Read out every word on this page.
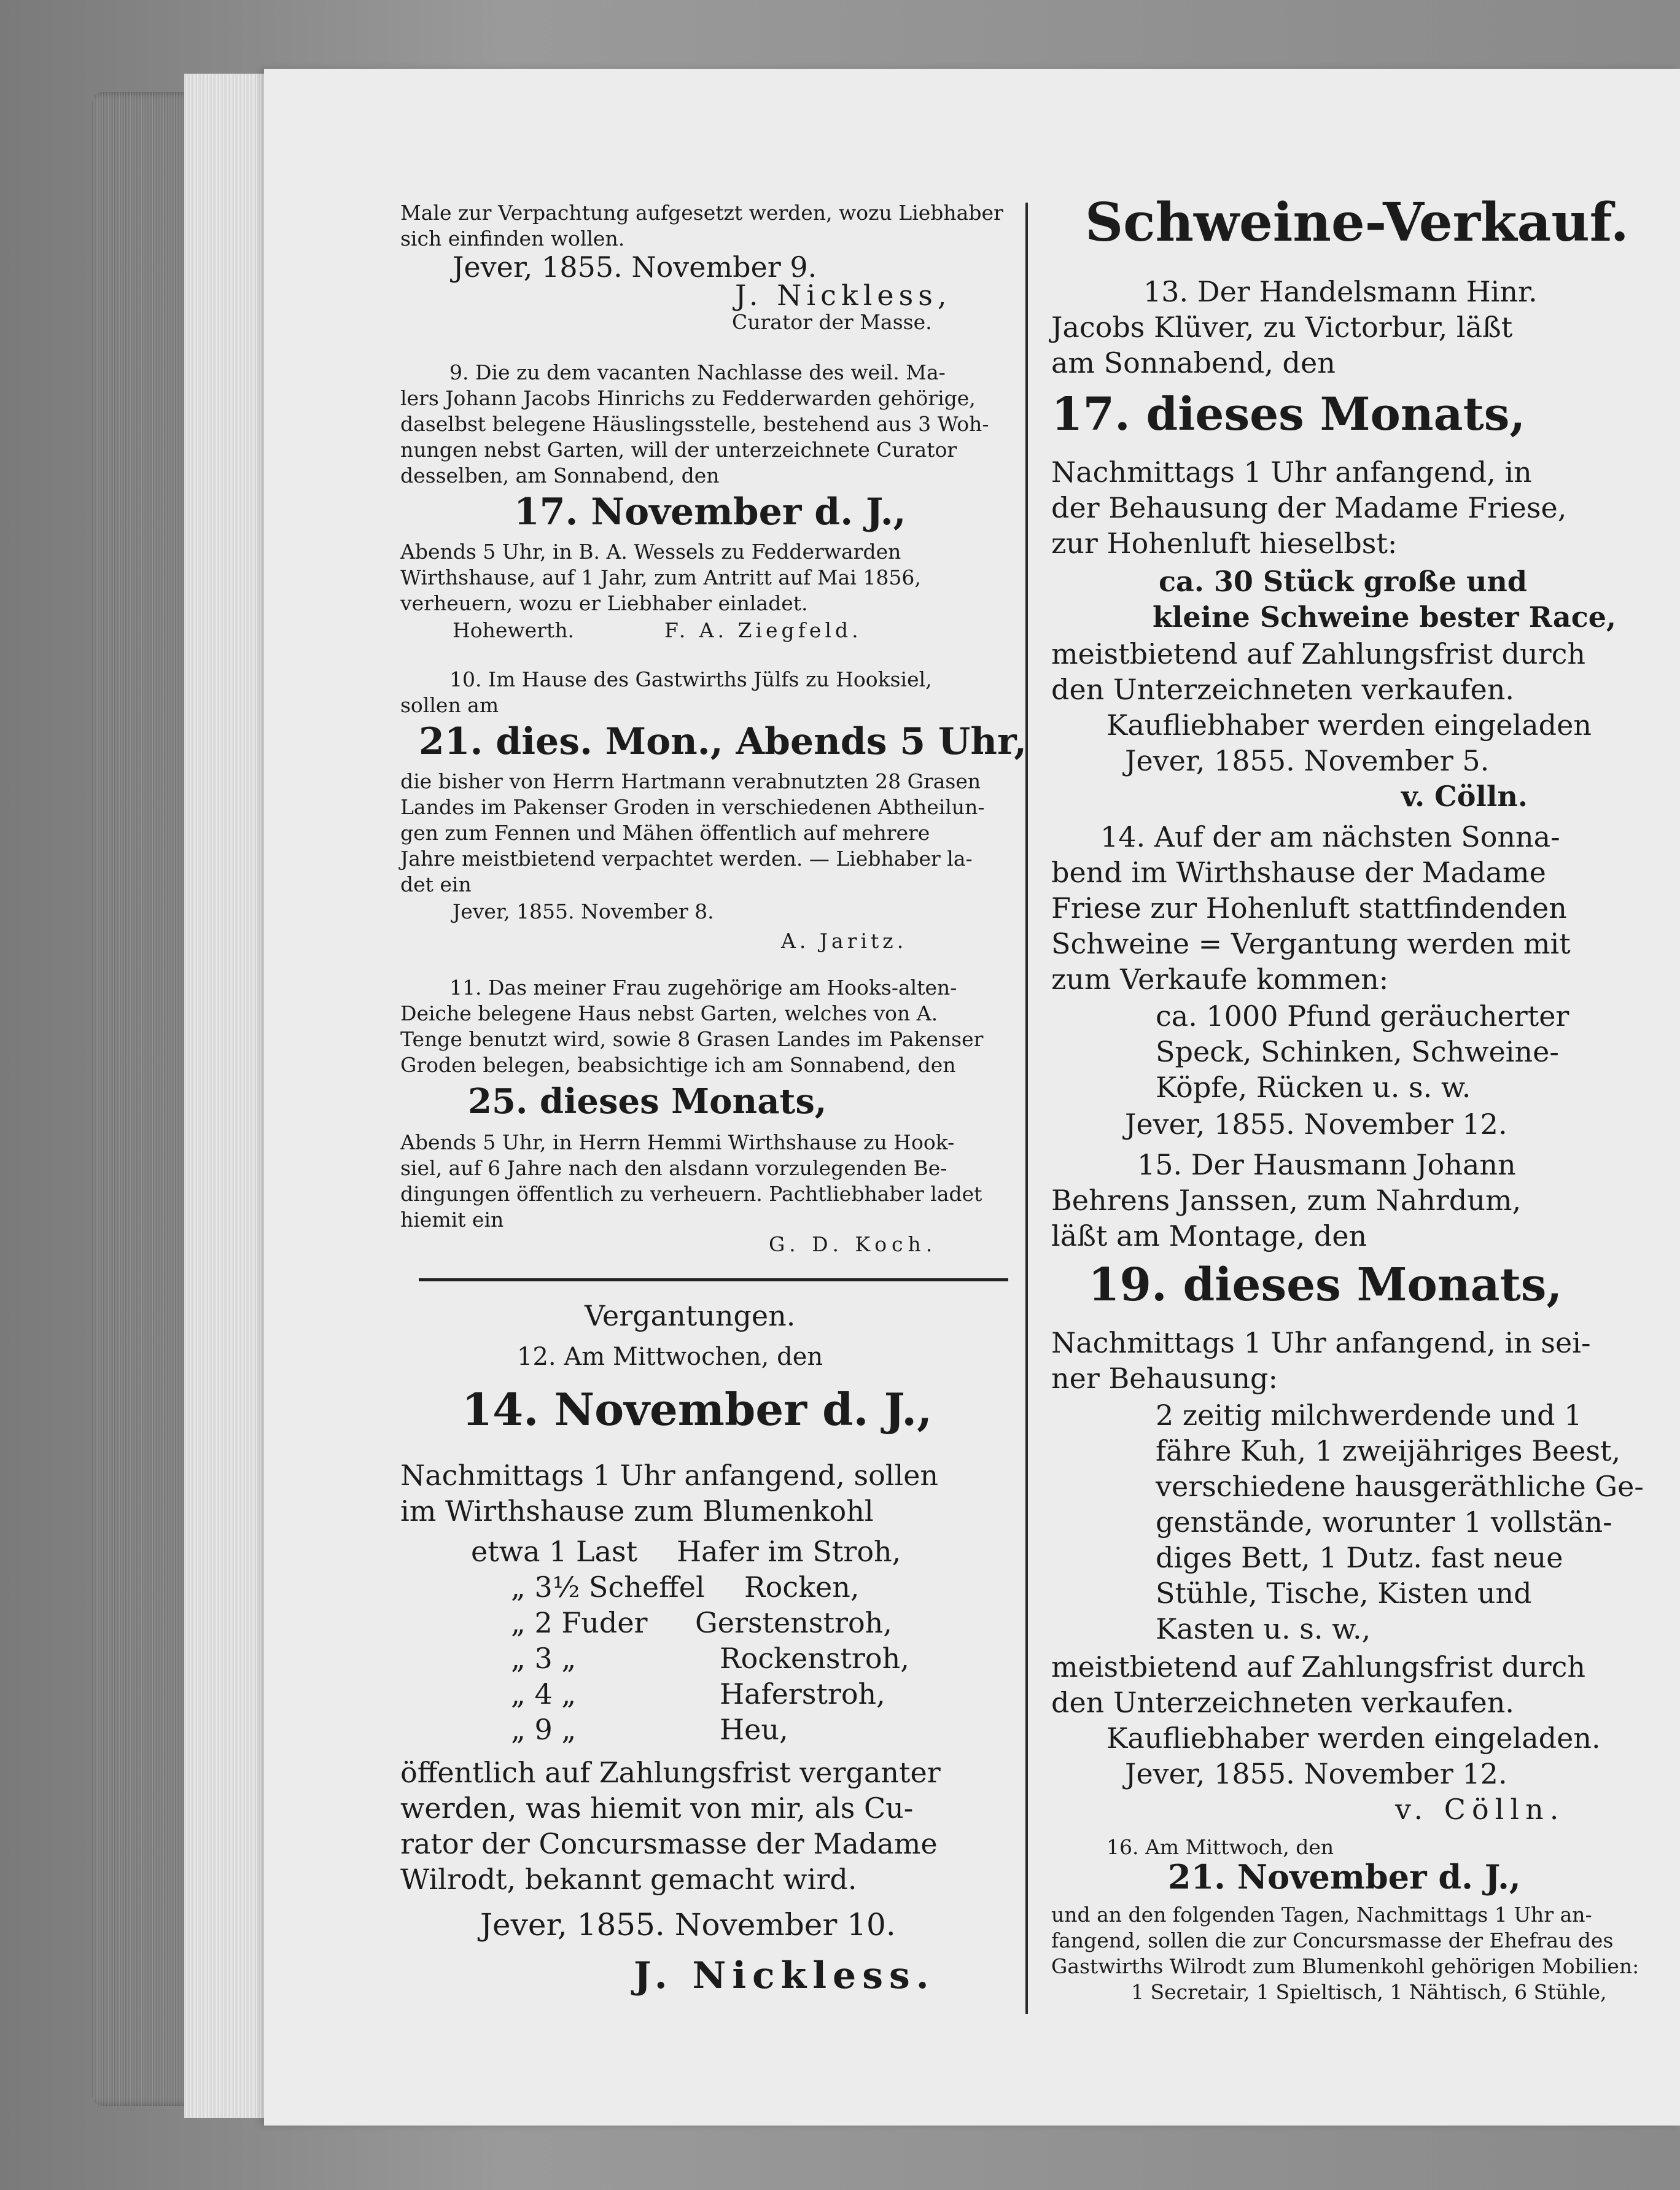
Male zur Verpachtung aufgesetzt werden, wozu Liebhaber
sich einfinden wollen.
Jever, 1855. November 9.
J. Nickless,
Curator der Masse.
9. Die zu dem vacanten Nachlasse des weil. Ma-
lers Johann Jacobs Hinrichs zu Fedderwarden gehörige,
daselbst belegene Häuslingsstelle, bestehend aus 3 Woh-
nungen nebst Garten, will der unterzeichnete Curator
desselben, am Sonnabend, den
17. November d. J.,
Abends 5 Uhr, in B. A. Wessels zu Fedderwarden
Wirthshause, auf 1 Jahr, zum Antritt auf Mai 1856,
verheuern, wozu er Liebhaber einladet.
Hohewerth.	F. A. Ziegfeld.
10. Im Hause des Gastwirths Jülfs zu Hooksiel,
sollen am
21. dies. Mon., Abends 5 Uhr,
die bisher von Herrn Hartmann verabnutzten 28 Grasen
Landes im Pakenser Groden in verschiedenen Abtheilun-
gen zum Fennen und Mähen öffentlich auf mehrere
Jahre meistbietend verpachtet werden. — Liebhaber la-
det ein
Jever, 1855. November 8.
A. Jaritz.
11. Das meiner Frau zugehörige am Hooks-alten-
Deiche belegene Haus nebst Garten, welches von A.
Tenge benutzt wird, sowie 8 Grasen Landes im Pakenser
Groden belegen, beabsichtige ich am Sonnabend, den
25. dieses Monats,
Abends 5 Uhr, in Herrn Hemmi Wirthshause zu Hook-
siel, auf 6 Jahre nach den alsdann vorzulegenden Be-
dingungen öffentlich zu verheuern. Pachtliebhaber ladet
hiemit ein
G. D. Koch.
Vergantungen.
12. Am Mittwochen, den
14. November d. J.,
Nachmittags 1 Uhr anfangend, sollen
im Wirthshause zum Blumenkohl
etwa 1 Last Hafer im Stroh,
„ 3½ Scheffel Rocken,
„ 2 Fuder Gerstenstroh,
„ 3 „	Rockenstroh,
„ 4 „	Haferstroh,
„ 9 „	Heu,
öffentlich auf Zahlungsfrist verganter
werden, was hiemit von mir, als Cu-
rator der Concursmasse der Madame
Wilrodt, bekannt gemacht wird.
Jever, 1855. November 10.
J. Nickless.
Schweine-Verkauf.
13. Der Handelsmann Hinr.
Jacobs Klüver, zu Victorbur, läßt
am Sonnabend, den
17. dieses Monats,
Nachmittags 1 Uhr anfangend, in
der Behausung der Madame Friese,
zur Hohenluft hieselbst:
ca. 30 Stück große und
kleine Schweine bester Race,
meistbietend auf Zahlungsfrist durch
den Unterzeichneten verkaufen.
Kaufliebhaber werden eingeladen
Jever, 1855. November 5.
v. Cölln.
14. Auf der am nächsten Sonna-
bend im Wirthshause der Madame
Friese zur Hohenluft stattfindenden
Schweine = Vergantung werden mit
zum Verkaufe kommen:
ca. 1000 Pfund geräucherter
Speck, Schinken, Schweine-
Köpfe, Rücken u. s. w.
Jever, 1855. November 12.
15. Der Hausmann Johann
Behrens Janssen, zum Nahrdum,
läßt am Montage, den
19. dieses Monats,
Nachmittags 1 Uhr anfangend, in sei-
ner Behausung:
2 zeitig milchwerdende und 1
fähre Kuh, 1 zweijähriges Beest,
verschiedene hausgeräthliche Ge-
genstände, worunter 1 vollstän-
diges Bett, 1 Dutz. fast neue
Stühle, Tische, Kisten und
Kasten u. s. w.,
meistbietend auf Zahlungsfrist durch
den Unterzeichneten verkaufen.
Kaufliebhaber werden eingeladen.
Jever, 1855. November 12.
v. Cölln.
16. Am Mittwoch, den
21. November d. J.,
und an den folgenden Tagen, Nachmittags 1 Uhr an-
fangend, sollen die zur Concursmasse der Ehefrau des
Gastwirths Wilrodt zum Blumenkohl gehörigen Mobilien:
1 Secretair, 1 Spieltisch, 1 Nähtisch, 6 Stühle,
